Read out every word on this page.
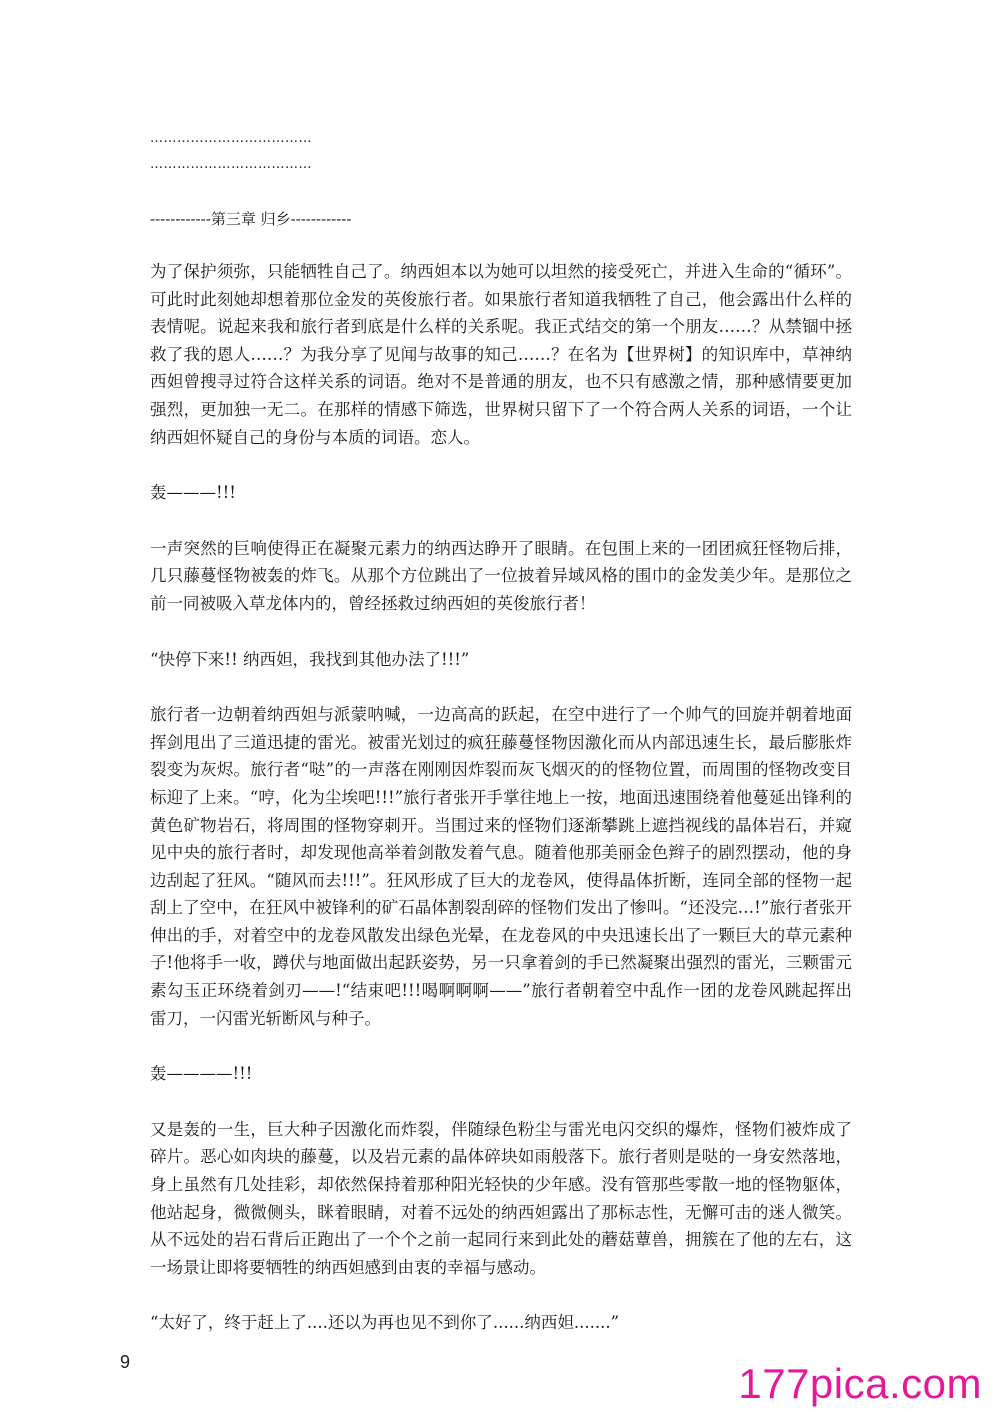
………………………………
………………………………
------------第三章 归乡------------

为了保护须弥，只能牺牲自己了。纳西妲本以为她可以坦然的接受死亡，并进入生命的“循环”。可此时此刻她却想着那位金发的英俊旅行者。如果旅行者知道我牺牲了自己，他会露出什么样的表情呢。说起来我和旅行者到底是什么样的关系呢。我正式结交的第一个朋友……？从禁锢中拯救了我的恩人……？为我分享了见闻与故事的知己……？在名为【世界树】的知识库中，草神纳西妲曾搜寻过符合这样关系的词语。绝对不是普通的朋友，也不只有感激之情，那种感情要更加强烈，更加独一无二。在那样的情感下筛选，世界树只留下了一个符合两人关系的词语，一个让纳西妲怀疑自己的身份与本质的词语。恋人。

轰———!!!

一声突然的巨响使得正在凝聚元素力的纳西达睁开了眼睛。在包围上来的一团团疯狂怪物后排，几只藤蔓怪物被轰的炸飞。从那个方位跳出了一位披着异域风格的围巾的金发美少年。是那位之前一同被吸入草龙体内的，曾经拯救过纳西妲的英俊旅行者！

“快停下来!! 纳西妲，我找到其他办法了!!!”

旅行者一边朝着纳西妲与派蒙呐喊，一边高高的跃起，在空中进行了一个帅气的回旋并朝着地面挥剑甩出了三道迅捷的雷光。被雷光划过的疯狂藤蔓怪物因激化而从内部迅速生长，最后膨胀炸裂变为灰烬。旅行者“哒”的一声落在刚刚因炸裂而灰飞烟灭的的怪物位置，而周围的怪物改变目标迎了上来。“哼，化为尘埃吧!!!”旅行者张开手掌往地上一按，地面迅速围绕着他蔓延出锋利的黄色矿物岩石，将周围的怪物穿刺开。当围过来的怪物们逐渐攀跳上遮挡视线的晶体岩石，并窥见中央的旅行者时，却发现他高举着剑散发着气息。随着他那美丽金色辫子的剧烈摆动，他的身边刮起了狂风。“随风而去!!!”。狂风形成了巨大的龙卷风，使得晶体折断，连同全部的怪物一起刮上了空中，在狂风中被锋利的矿石晶体割裂刮碎的怪物们发出了惨叫。“还没完…!”旅行者张开伸出的手，对着空中的龙卷风散发出绿色光晕，在龙卷风的中央迅速长出了一颗巨大的草元素种子!他将手一收，蹲伏与地面做出起跃姿势，另一只拿着剑的手已然凝聚出强烈的雷光，三颗雷元素勾玉正环绕着剑刃——!“结束吧!!!喝啊啊啊——”旅行者朝着空中乱作一团的龙卷风跳起挥出雷刀，一闪雷光斩断风与种子。

轰————!!!

又是轰的一生，巨大种子因激化而炸裂，伴随绿色粉尘与雷光电闪交织的爆炸，怪物们被炸成了碎片。恶心如肉块的藤蔓，以及岩元素的晶体碎块如雨般落下。旅行者则是哒的一身安然落地，身上虽然有几处挂彩，却依然保持着那种阳光轻快的少年感。没有管那些零散一地的怪物躯体，他站起身，微微侧头，眯着眼睛，对着不远处的纳西妲露出了那标志性，无懈可击的迷人微笑。从不远处的岩石背后正跑出了一个个之前一起同行来到此处的蘑菇蕈兽，拥簇在了他的左右，这一场景让即将要牺牲的纳西妲感到由衷的幸福与感动。

“太好了，终于赶上了....还以为再也见不到你了......纳西妲.......”

9	177pica.com
